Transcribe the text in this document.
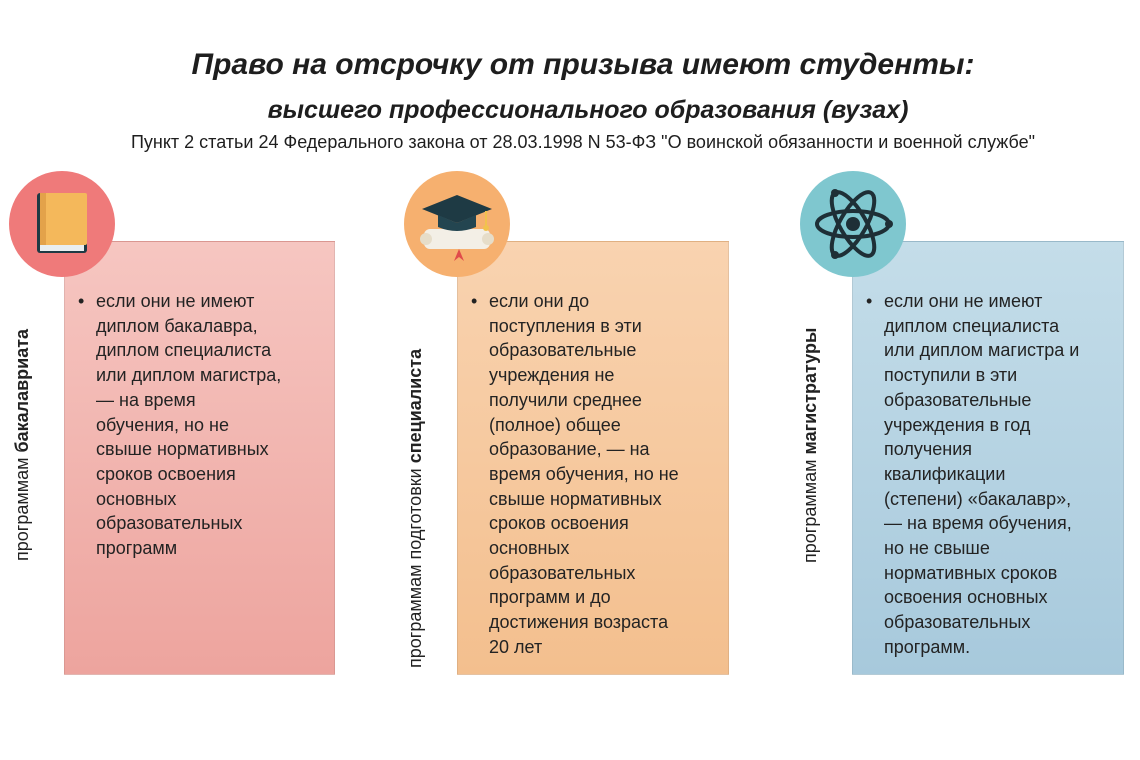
Право на отсрочку от призыва имеют студенты:
высшего профессионального образования (вузах)
Пункт 2 статьи 24 Федерального закона от 28.03.1998 N 53-ФЗ "О воинской обязанности и военной службе"
• если они не имеют
диплом бакалавра,
диплом специалиста
или диплом магистра,
— на время
обучения, но не
свыше нормативных
сроков освоения
основных
образовательных
программ
программам бакалавриата
• если они до
поступления в эти
образовательные
учреждения не
получили среднее
(полное) общее
образование, — на
время обучения, но не
свыше нормативных
сроков освоения
основных
образовательных
программ и до
достижения возраста
20 лет
программам подготовки специалиста
• если они не имеют
диплом специалиста
или диплом магистра и
поступили в эти
образовательные
учреждения в год
получения
квалификации
(степени) «бакалавр»,
— на время обучения,
но не свыше
нормативных сроков
освоения основных
образовательных
программ.
программам магистратуры
